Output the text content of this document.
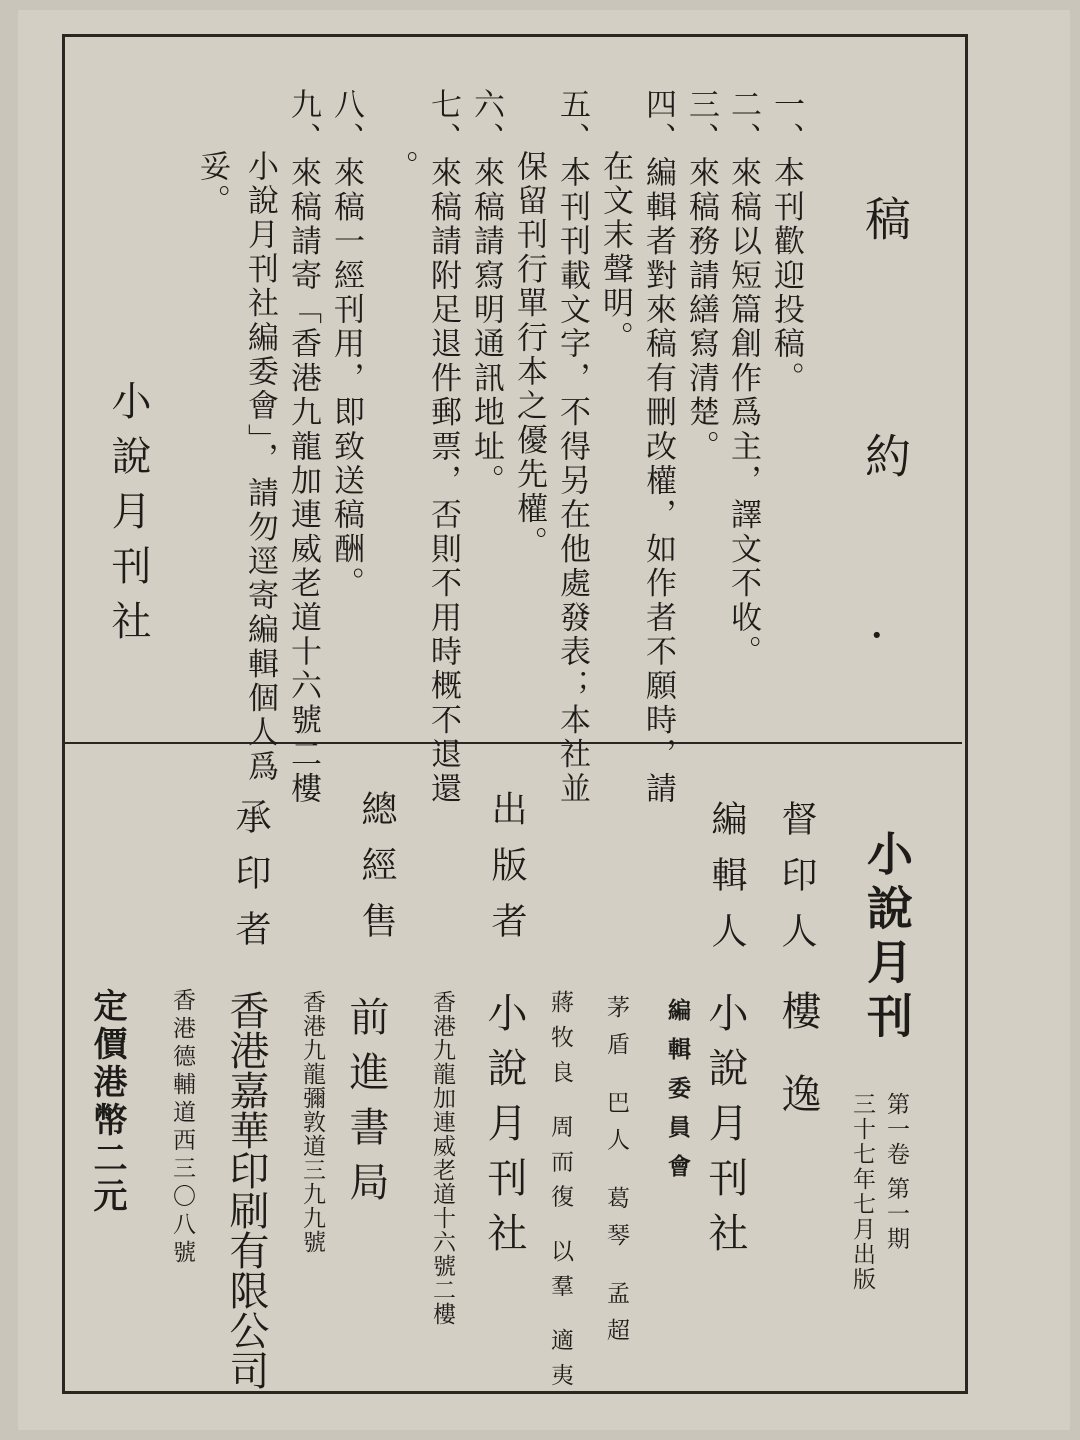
稿
約
．
一、本刊歡迎投稿。
二、來稿以短篇創作爲主，譯文不收。
三、來稿務請繕寫清楚。
四、編輯者對來稿有刪改權，如作者不願時，請
在文末聲明。
五、本刊刊載文字，不得另在他處發表；本社並
保留刊行單行本之優先權。
六、來稿請寫明通訊地址。
七、來稿請附足退件郵票，否則不用時概不退還
。
八、來稿一經刊用，即致送稿酬。
九、來稿請寄「香港九龍加連威老道十六號二樓
小說月刊社編委會」，請勿逕寄編輯個人爲
妥。
小說月刊社
小說月刊
第一卷 第一期
三十七年七月出版
督印人
樓 逸
編輯人
小說月刊社
編輯委員會
茅盾 巴人 葛琴 孟超
蔣牧良 周而復 以羣 適夷
出版者
小說月刊社
香港九龍加連威老道十六號二樓
總經售
前進書局
香港九龍彌敦道三九九號
承印者
香港嘉華印刷有限公司
香港德輔道西三〇八號
定價港幣二元
